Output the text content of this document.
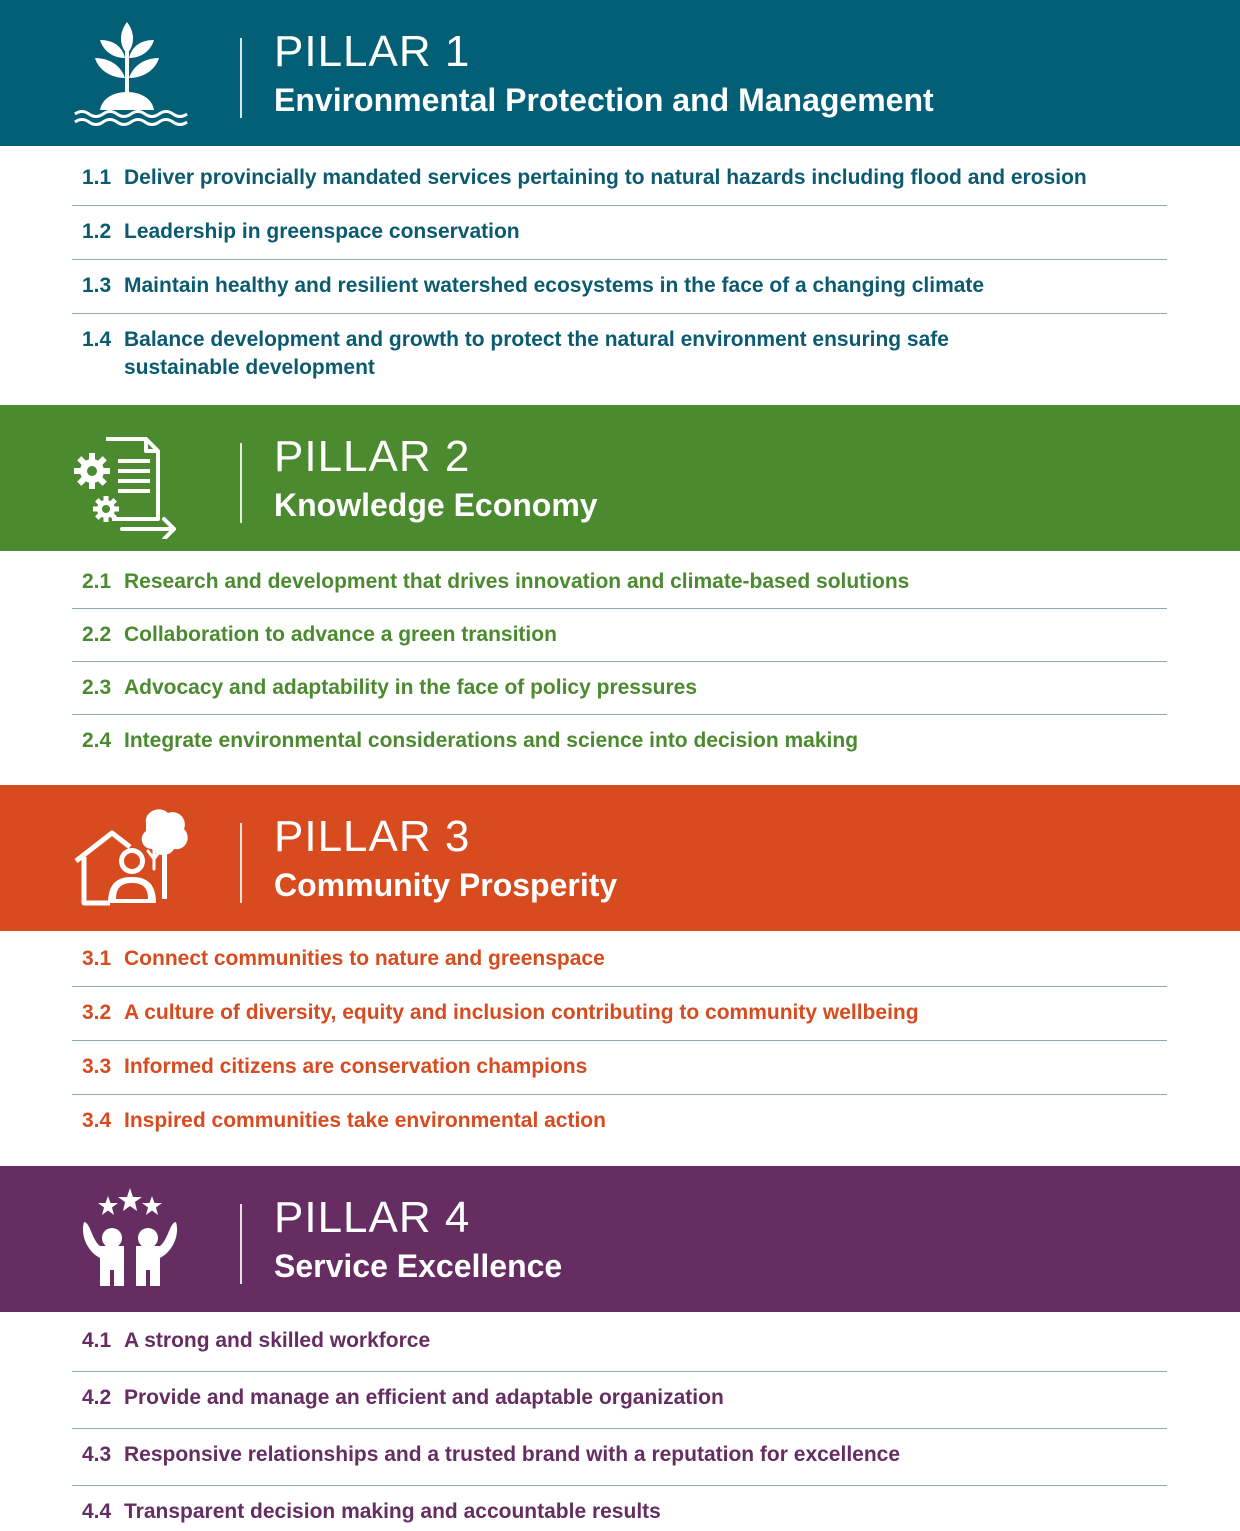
PILLAR 1
Environmental Protection and Management
1.1 Deliver provincially mandated services pertaining to natural hazards including flood and erosion
1.2 Leadership in greenspace conservation
1.3 Maintain healthy and resilient watershed ecosystems in the face of a changing climate
1.4 Balance development and growth to protect the natural environment ensuring safe sustainable development
PILLAR 2
Knowledge Economy
2.1 Research and development that drives innovation and climate-based solutions
2.2 Collaboration to advance a green transition
2.3 Advocacy and adaptability in the face of policy pressures
2.4 Integrate environmental considerations and science into decision making
PILLAR 3
Community Prosperity
3.1 Connect communities to nature and greenspace
3.2 A culture of diversity, equity and inclusion contributing to community wellbeing
3.3 Informed citizens are conservation champions
3.4 Inspired communities take environmental action
PILLAR 4
Service Excellence
4.1 A strong and skilled workforce
4.2 Provide and manage an efficient and adaptable organization
4.3 Responsive relationships and a trusted brand with a reputation for excellence
4.4 Transparent decision making and accountable results
